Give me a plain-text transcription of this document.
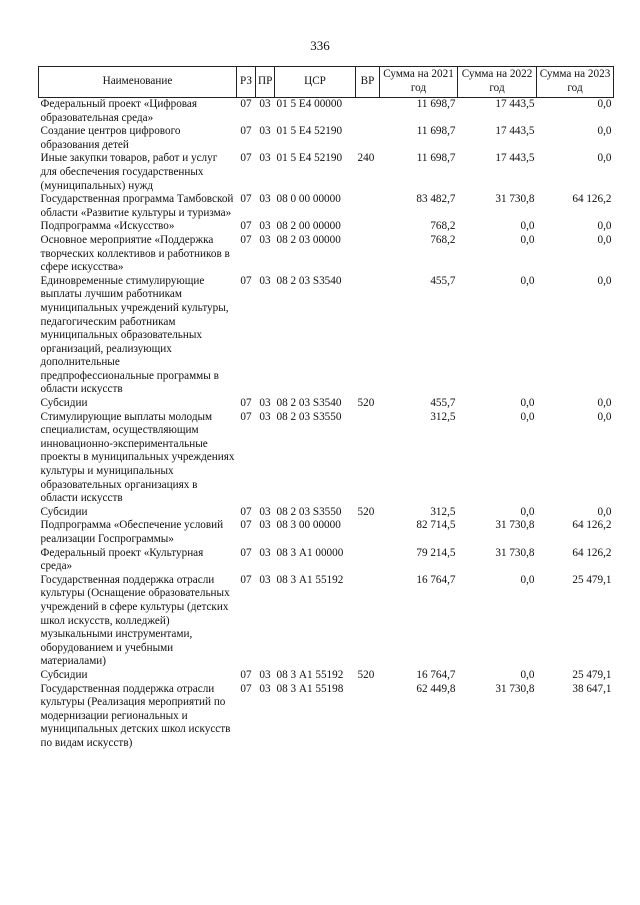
336
Наименование	РЗ	ПР	ЦСР	ВР	Сумма на 2021 год	Сумма на 2022 год	Сумма на 2023 год
Федеральный проект «Цифровая образовательная среда»	07	03	01 5 Е4 00000		11 698,7	17 443,5	0,0
Создание центров цифрового образования детей	07	03	01 5 Е4 52190		11 698,7	17 443,5	0,0
Иные закупки товаров, работ и услуг для обеспечения государственных (муниципальных) нужд	07	03	01 5 Е4 52190	240	11 698,7	17 443,5	0,0
Государственная программа Тамбовской области «Развитие культуры и туризма»	07	03	08 0 00 00000		83 482,7	31 730,8	64 126,2
Подпрограмма «Искусство»	07	03	08 2 00 00000		768,2	0,0	0,0
Основное мероприятие «Поддержка творческих коллективов и работников в сфере искусства»	07	03	08 2 03 00000		768,2	0,0	0,0
Единовременные стимулирующие выплаты лучшим работникам муниципальных учреждений культуры, педагогическим работникам муниципальных образовательных организаций, реализующих дополнительные предпрофессиональные программы в области искусств	07	03	08 2 03 S3540		455,7	0,0	0,0
Субсидии	07	03	08 2 03 S3540	520	455,7	0,0	0,0
Стимулирующие выплаты молодым специалистам, осуществляющим инновационно-экспериментальные проекты в муниципальных учреждениях культуры и муниципальных образовательных организациях в области искусств	07	03	08 2 03 S3550		312,5	0,0	0,0
Субсидии	07	03	08 2 03 S3550	520	312,5	0,0	0,0
Подпрограмма «Обеспечение условий реализации Госпрограммы»	07	03	08 3 00 00000		82 714,5	31 730,8	64 126,2
Федеральный проект «Культурная среда»	07	03	08 3 А1 00000		79 214,5	31 730,8	64 126,2
Государственная поддержка отрасли культуры (Оснащение образовательных учреждений в сфере культуры (детских школ искусств, колледжей) музыкальными инструментами, оборудованием и учебными материалами)	07	03	08 3 А1 55192		16 764,7	0,0	25 479,1
Субсидии	07	03	08 3 А1 55192	520	16 764,7	0,0	25 479,1
Государственная поддержка отрасли культуры (Реализация мероприятий по модернизации региональных и муниципальных детских школ искусств по видам искусств)	07	03	08 3 А1 55198		62 449,8	31 730,8	38 647,1
